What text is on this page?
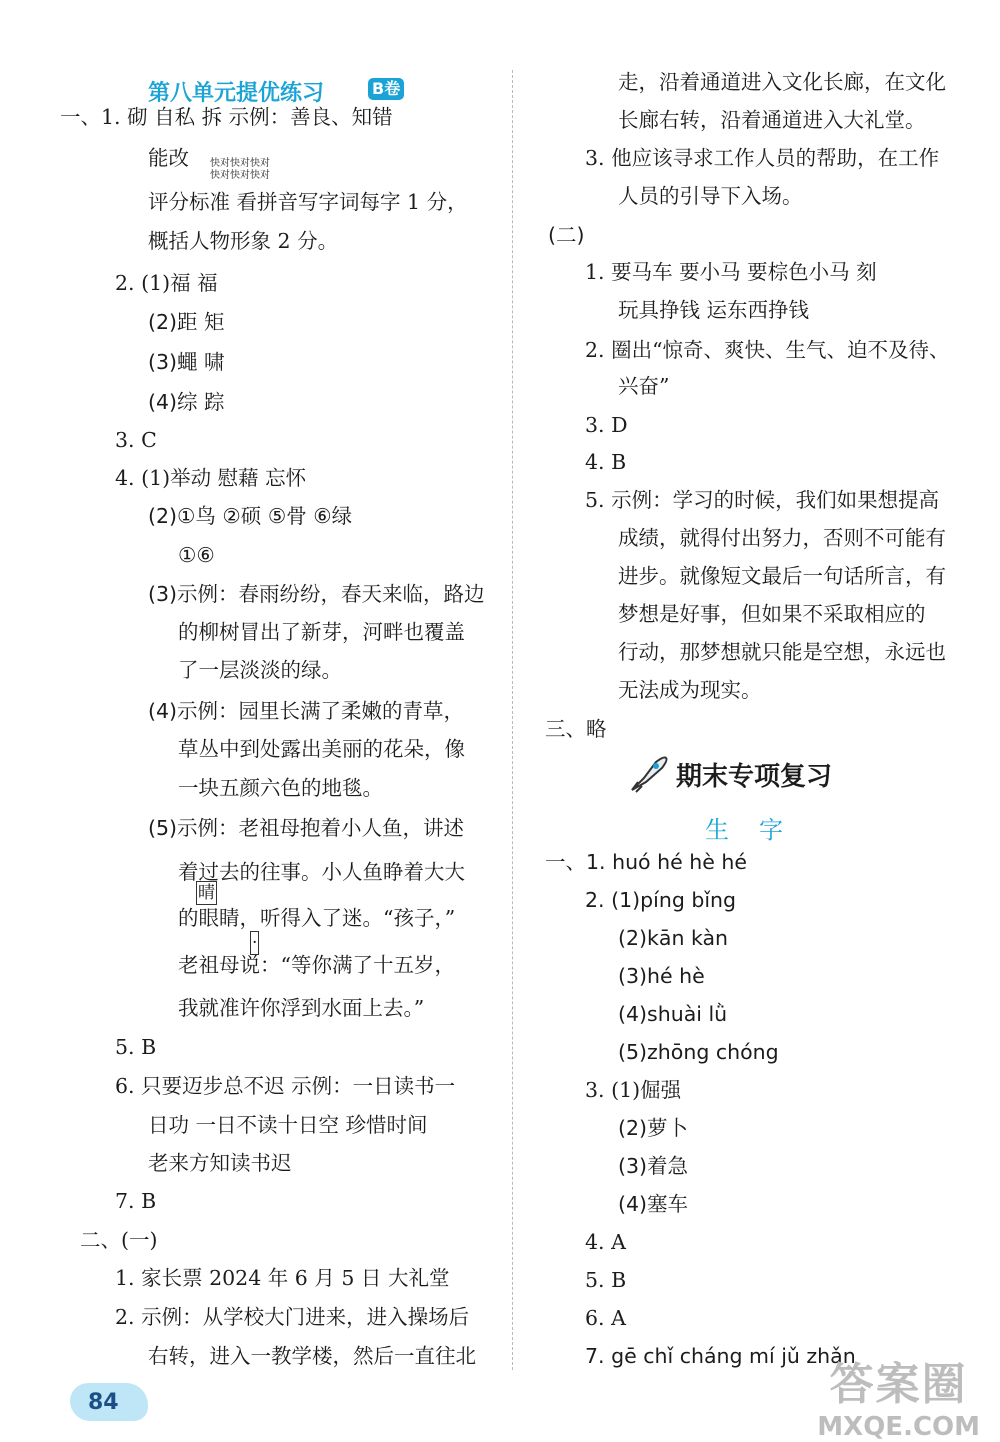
第八单元提优练习	B卷
快对快对快对
快对快对快对
一、1. 砌 自私 拆 示例：善良、知错
能改
评分标准 看拼音写字词每字 1 分，
概括人物形象 2 分。
2. (1)福 福
(2)距 矩
(3)蠅 啸
(4)综 踪
3. C
4. (1)举动 慰藉 忘怀
(2)①鸟 ②硕 ⑤骨 ⑥绿
①⑥
(3)示例：春雨纷纷，春天来临，路边
的柳树冒出了新芽，河畔也覆盖
了一层淡淡的绿。
(4)示例：园里长满了柔嫩的青草，
草丛中到处露出美丽的花朵，像
一块五颜六色的地毯。
(5)示例：老祖母抱着小人鱼，讲述
着过去的往事。小人鱼睁着大大
的眼睛，听得入了迷。“孩子，”
老祖母说：“等你满了十五岁，
我就准许你浮到水面上去。”
5. B
6. 只要迈步总不迟 示例：一日读书一
日功 一日不读十日空 珍惜时间
老来方知读书迟
7. B
二、(一)
1. 家长票 2024 年 6 月 5 日 大礼堂
2. 示例：从学校大门进来，进入操场后
右转，进入一教学楼，然后一直往北
走，沿着通道进入文化长廊，在文化
长廊右转，沿着通道进入大礼堂。
3. 他应该寻求工作人员的帮助，在工作
人员的引导下入场。
(二)
1. 要马车 要小马 要棕色小马 刻
玩具挣钱 运东西挣钱
2. 圈出“惊奇、爽快、生气、迫不及待、
兴奋”
3. D
4. B
5. 示例：学习的时候，我们如果想提高
成绩，就得付出努力，否则不可能有
进步。就像短文最后一句话所言，有
梦想是好事，但如果不采取相应的
行动，那梦想就只能是空想，永远也
无法成为现实。
三、略
一、1. huó hé hè hé
2. (1)píng bǐng
(2)kān kàn
(3)hé hè
(4)shuài lǜ
(5)zhōng chóng
3. (1)倔强
(2)萝卜
(3)着急
(4)塞车
4. A
5. B
6. A
7. gē chǐ cháng mí jǔ zhǎn
晴
·
期末专项复习
生字
84	答案圈
MXQE.COM
